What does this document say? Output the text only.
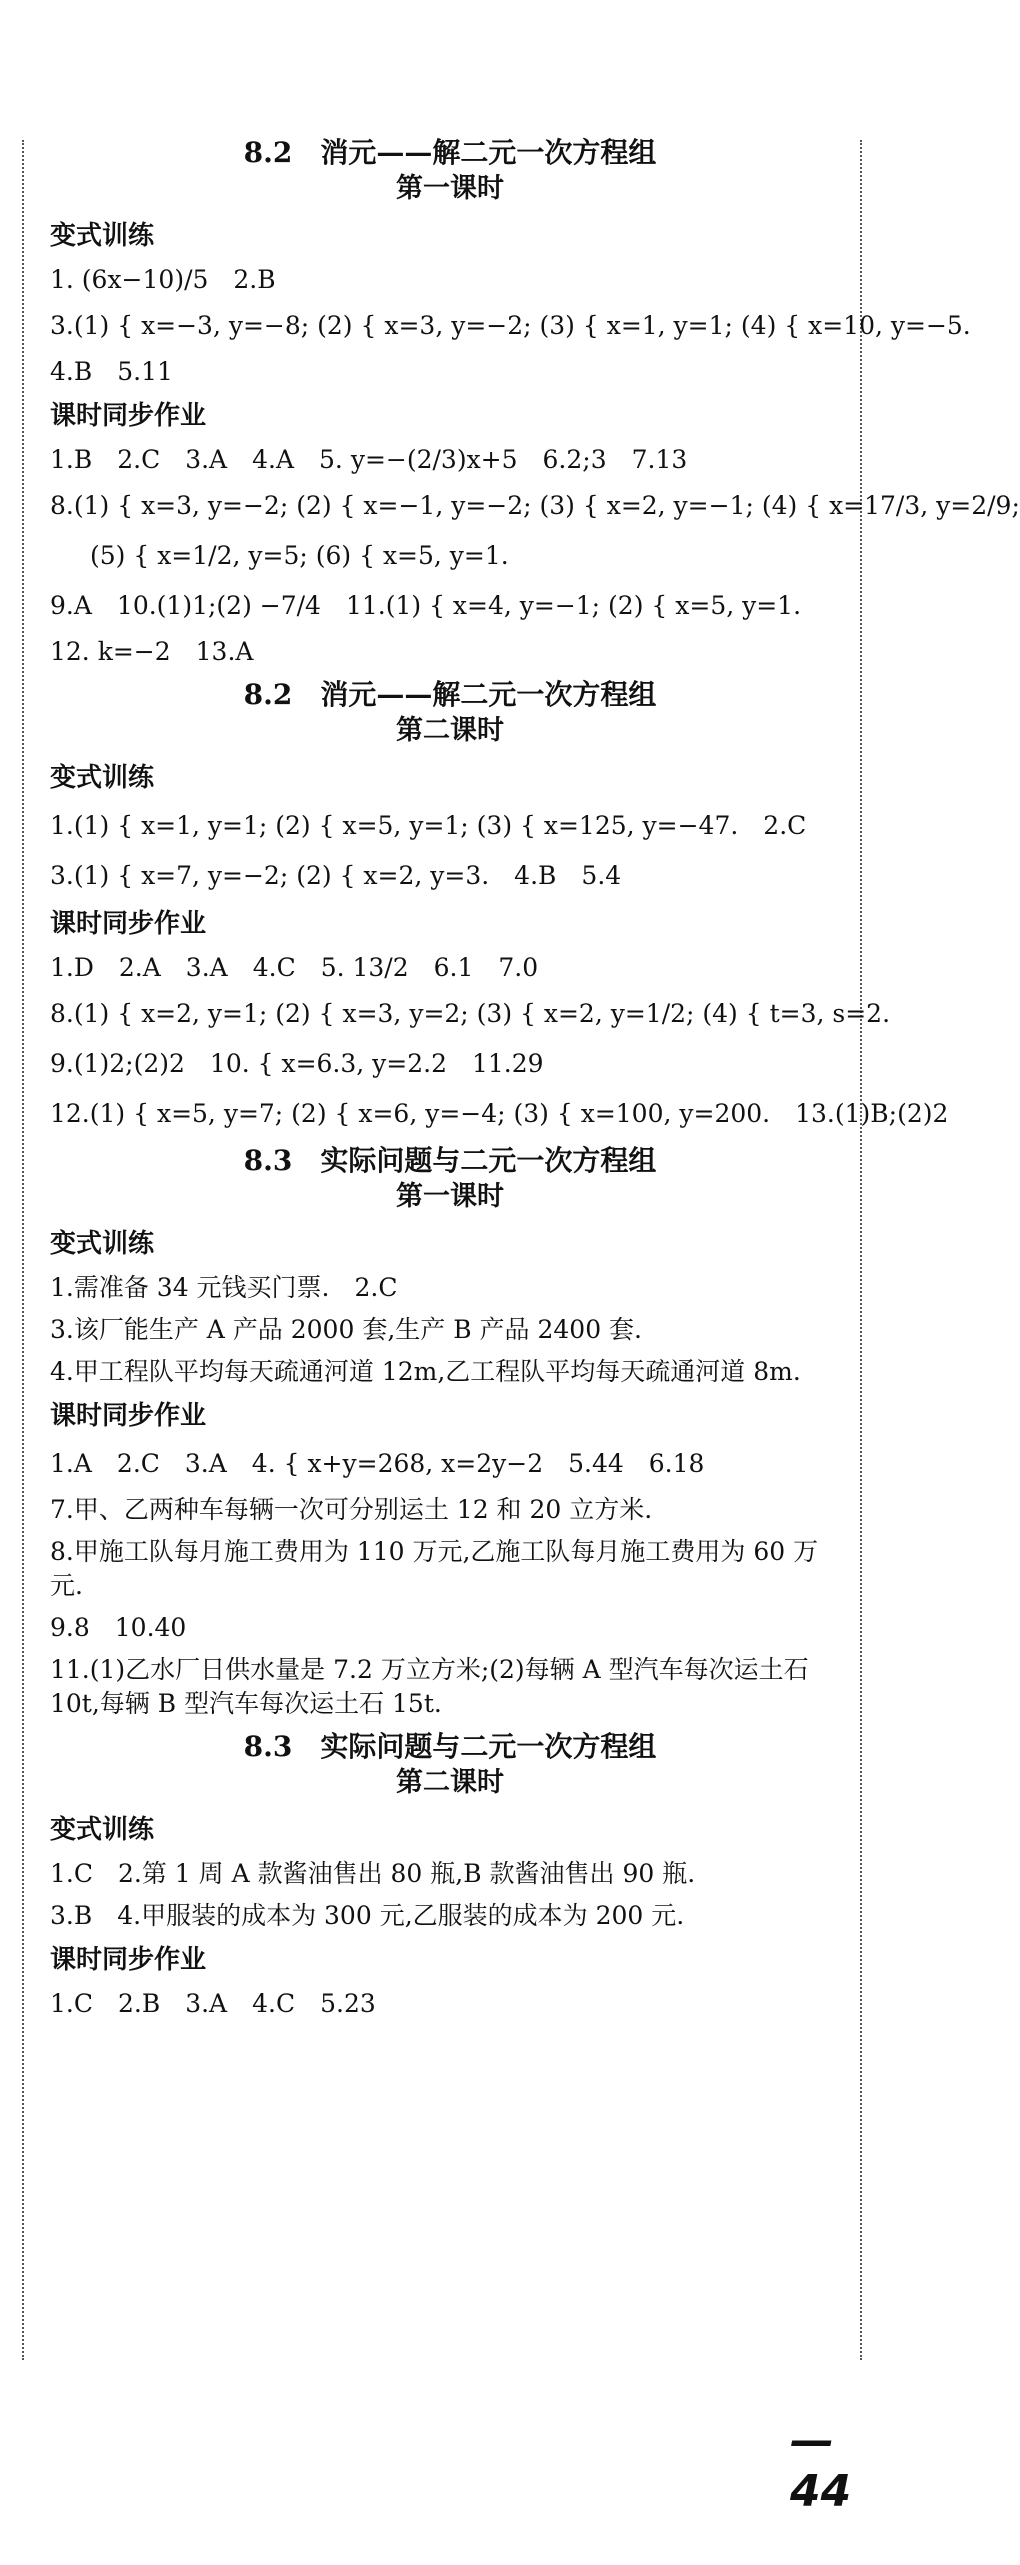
8.2　消元——解二元一次方程组
第一课时
变式训练
1. (6x−10)/5　2.B
3.(1) { x=−3, y=−8; (2) { x=3, y=−2; (3) { x=1, y=1; (4) { x=10, y=−5.
4.B　5.11
课时同步作业
1.B　2.C　3.A　4.A　5. y=−(2/3)x+5　6.2;3　7.13
8.(1) { x=3, y=−2; (2) { x=−1, y=−2; (3) { x=2, y=−1; (4) { x=17/3, y=2/9;
(5) { x=1/2, y=5; (6) { x=5, y=1.
9.A　10.(1)1;(2) −7/4　11.(1) { x=4, y=−1; (2) { x=5, y=1.
12. k=−2　13.A
8.2　消元——解二元一次方程组
第二课时
变式训练
1.(1) { x=1, y=1; (2) { x=5, y=1; (3) { x=125, y=−47.　2.C
3.(1) { x=7, y=−2; (2) { x=2, y=3.　4.B　5.4
课时同步作业
1.D　2.A　3.A　4.C　5. 13/2　6.1　7.0
8.(1) { x=2, y=1; (2) { x=3, y=2; (3) { x=2, y=1/2; (4) { t=3, s=2.
9.(1)2;(2)2　10. { x=6.3, y=2.2　11.29
12.(1) { x=5, y=7; (2) { x=6, y=−4; (3) { x=100, y=200.　13.(1)B;(2)2
8.3　实际问题与二元一次方程组
第一课时
变式训练
1.需准备 34 元钱买门票.　2.C
3.该厂能生产 A 产品 2000 套,生产 B 产品 2400 套.
4.甲工程队平均每天疏通河道 12m,乙工程队平均每天疏通河道 8m.
课时同步作业
1.A　2.C　3.A　4. { x+y=268, x=2y−2　5.44　6.18
7.甲、乙两种车每辆一次可分别运土 12 和 20 立方米.
8.甲施工队每月施工费用为 110 万元,乙施工队每月施工费用为 60 万元.
9.8　10.40
11.(1)乙水厂日供水量是 7.2 万立方米;(2)每辆 A 型汽车每次运土石 10t,每辆 B 型汽车每次运土石 15t.
8.3　实际问题与二元一次方程组
第二课时
变式训练
1.C　2.第 1 周 A 款酱油售出 80 瓶,B 款酱油售出 90 瓶.
3.B　4.甲服装的成本为 300 元,乙服装的成本为 200 元.
课时同步作业
1.C　2.B　3.A　4.C　5.23
—44
